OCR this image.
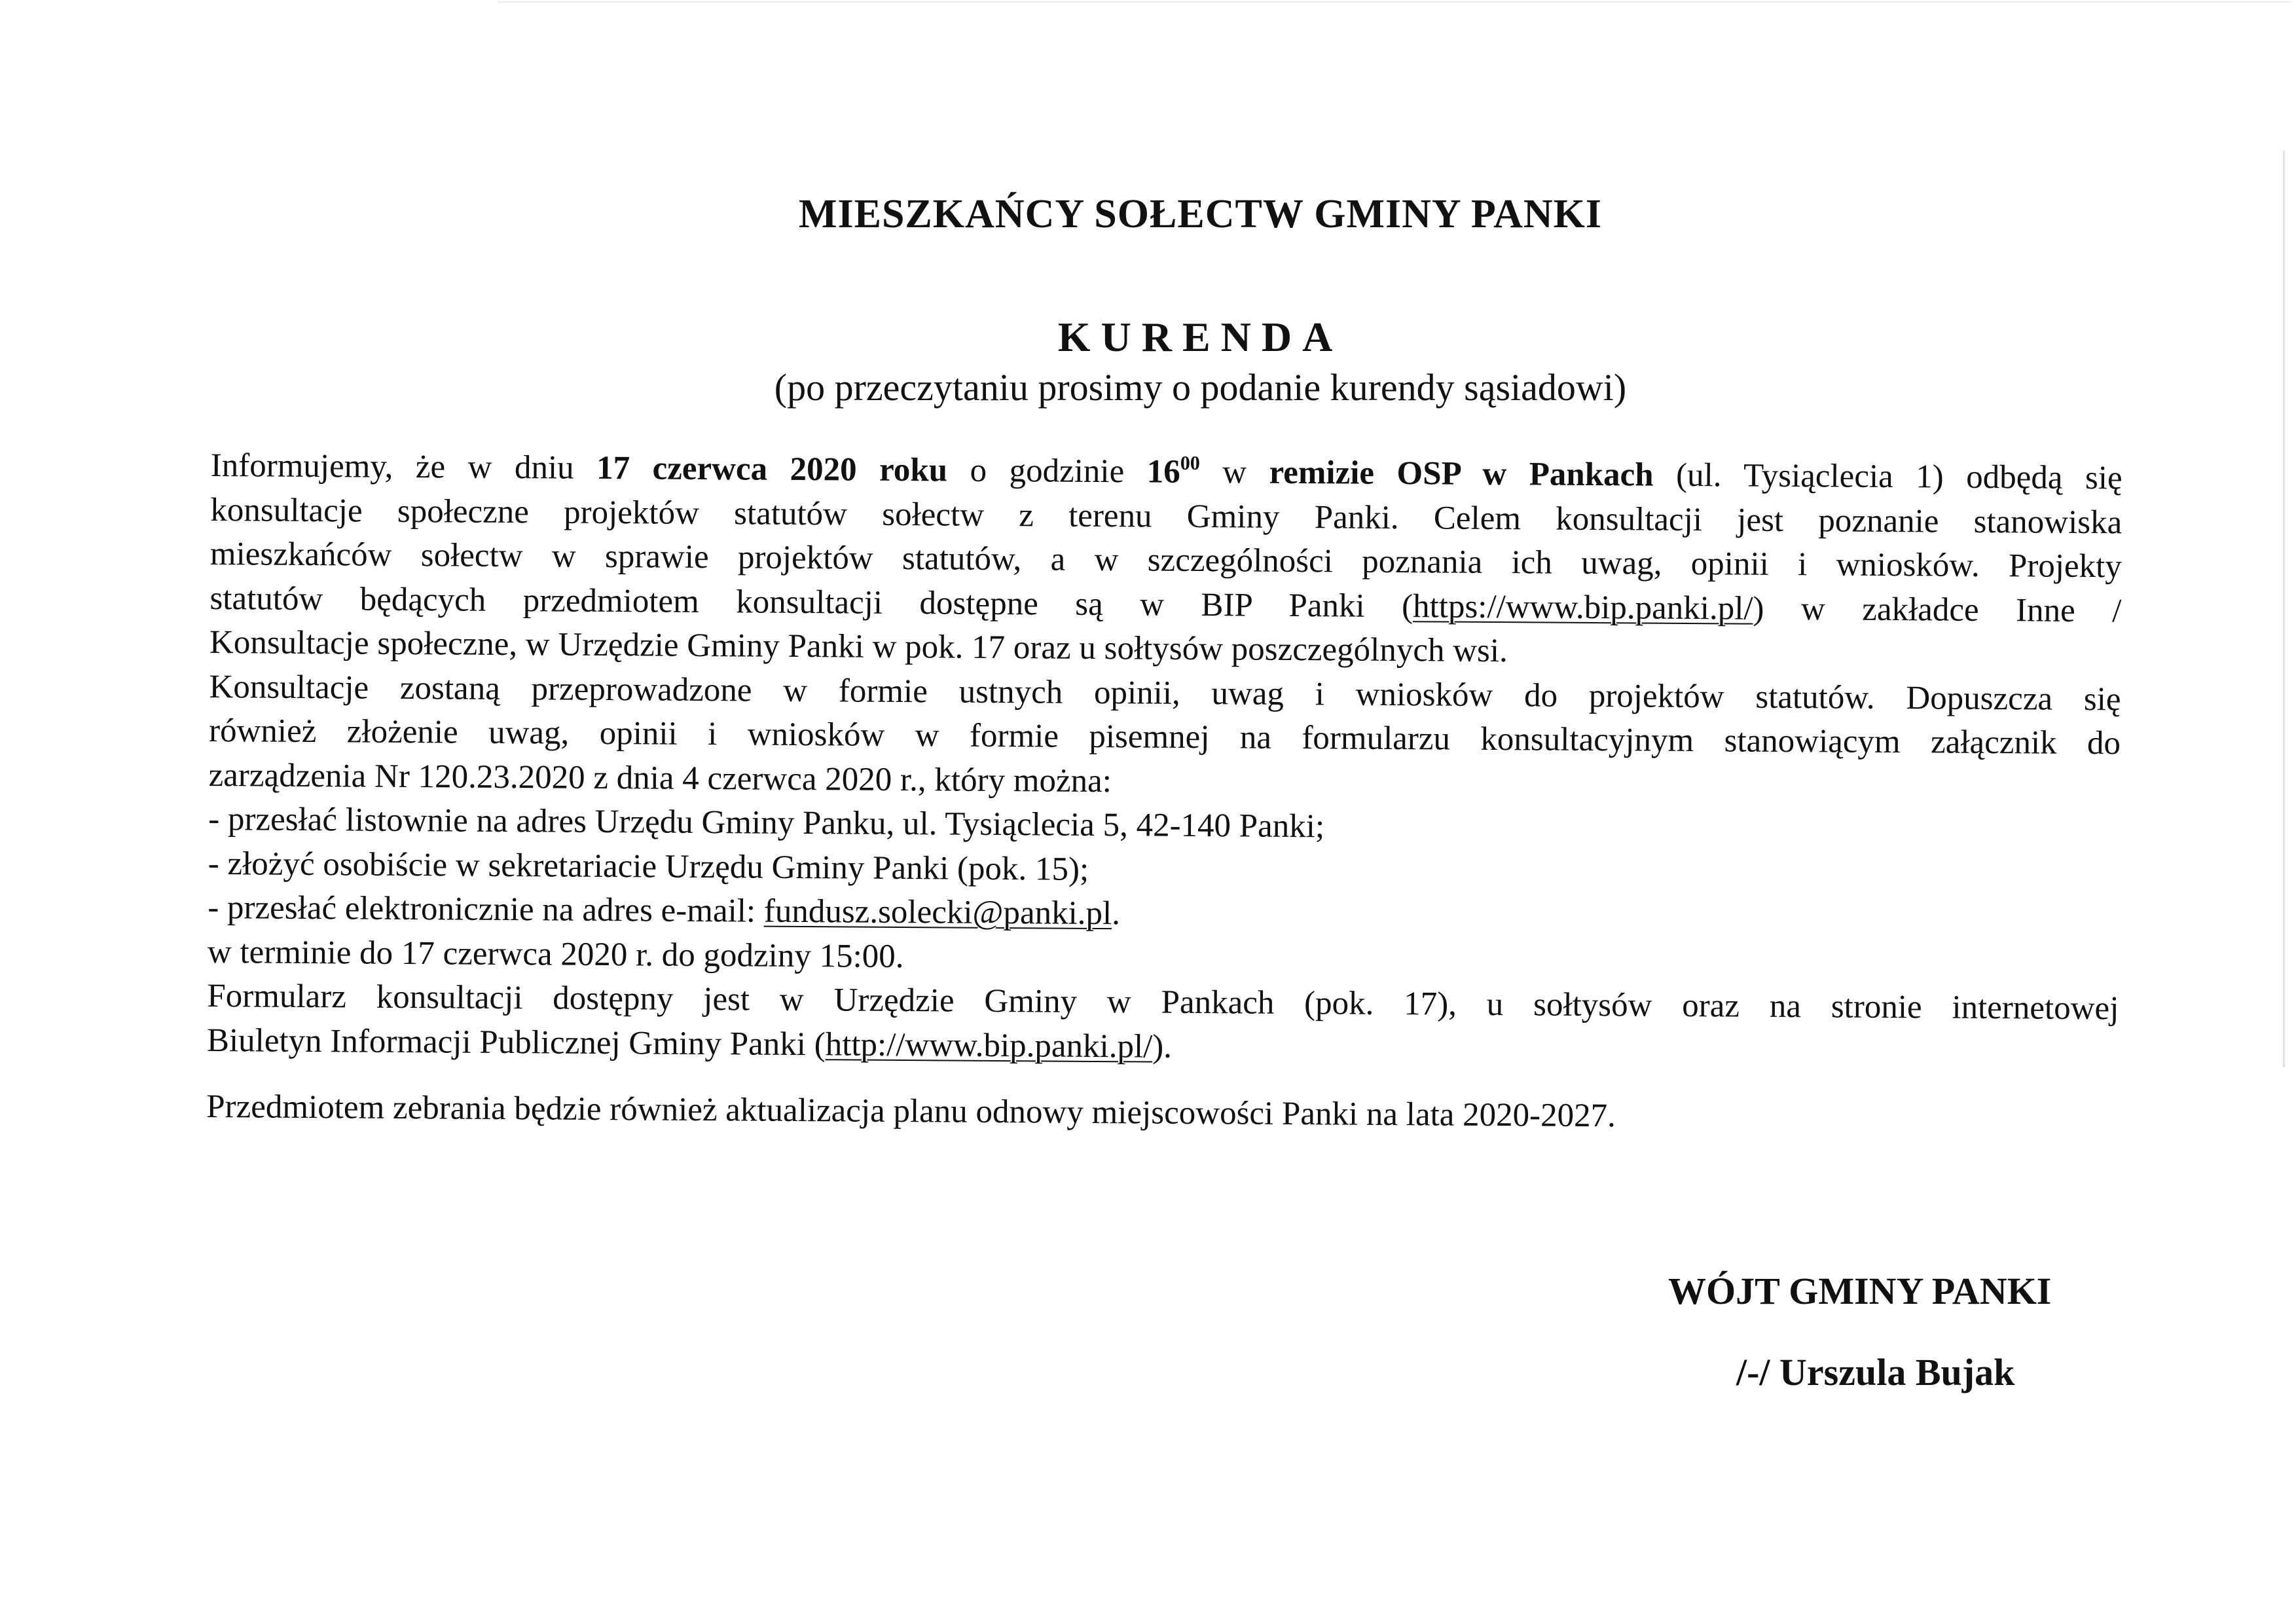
MIESZKAŃCY SOŁECTW GMINY PANKI
KURENDA
(po przeczytaniu prosimy o podanie kurendy sąsiadowi)

Informujemy, że w dniu 17 czerwca 2020 roku o godzinie $16^{00}$ w remizie OSP w Pankach (ul. Tysiąclecia 1) odbędą się
konsultacje społeczne projektów statutów sołectw z terenu Gminy Panki. Celem konsultacji jest poznanie stanowiska
mieszkańców sołectw w sprawie projektów statutów, a w szczególności poznania ich uwag, opinii i wniosków. Projekty
statutów będących przedmiotem konsultacji dostępne są w BIP Panki (https://www.bip.panki.pl/) w zakładce Inne /
Konsultacje społeczne, w Urzędzie Gminy Panki w pok. 17 oraz u sołtysów poszczególnych wsi.

Konsultacje zostaną przeprowadzone w formie ustnych opinii, uwag i wniosków do projektów statutów. Dopuszcza się
również złożenie uwag, opinii i wniosków w formie pisemnej na formularzu konsultacyjnym stanowiącym załącznik do
zarządzenia Nr 120.23.2020 z dnia 4 czerwca 2020 r., który można:
- przesłać listownie na adres Urzędu Gminy Panku, ul. Tysiąclecia 5, 42-140 Panki;
- złożyć osobiście w sekretariacie Urzędu Gminy Panki (pok. 15);
- przesłać elektronicznie na adres e-mail: fundusz.solecki@panki.pl.
w terminie do 17 czerwca 2020 r. do godziny 15:00.

Formularz konsultacji dostępny jest w Urzędzie Gminy w Pankach (pok. 17), u sołtysów oraz na stronie internetowej
Biuletyn Informacji Publicznej Gminy Panki (http://www.bip.panki.pl/).

Przedmiotem zebrania będzie również aktualizacja planu odnowy miejscowości Panki na lata 2020-2027.

WÓJT GMINY PANKI
/-/ Urszula Bujak
